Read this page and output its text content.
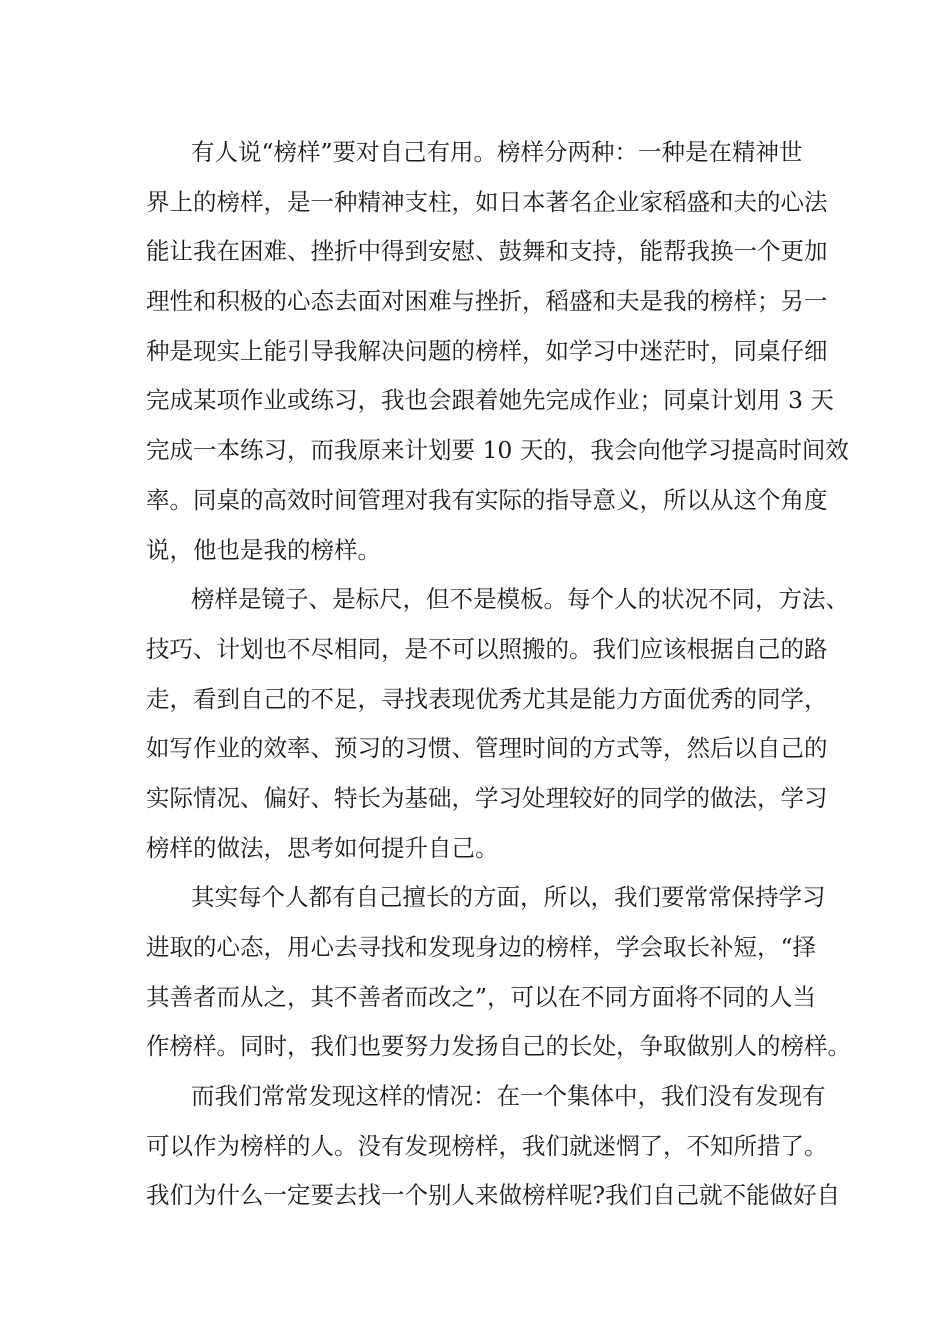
有人说“榜样”要对自己有用。榜样分两种：一种是在精神世
界上的榜样，是一种精神支柱，如日本著名企业家稻盛和夫的心法
能让我在困难、挫折中得到安慰、鼓舞和支持，能帮我换一个更加
理性和积极的心态去面对困难与挫折，稻盛和夫是我的榜样；另一
种是现实上能引导我解决问题的榜样，如学习中迷茫时，同桌仔细
完成某项作业或练习，我也会跟着她先完成作业；同桌计划用 3 天
完成一本练习，而我原来计划要 10 天的，我会向他学习提高时间效
率。同桌的高效时间管理对我有实际的指导意义，所以从这个角度
说，他也是我的榜样。
榜样是镜子、是标尺，但不是模板。每个人的状况不同，方法、
技巧、计划也不尽相同，是不可以照搬的。我们应该根据自己的路
走，看到自己的不足，寻找表现优秀尤其是能力方面优秀的同学，
如写作业的效率、预习的习惯、管理时间的方式等，然后以自己的
实际情况、偏好、特长为基础，学习处理较好的同学的做法，学习
榜样的做法，思考如何提升自己。
其实每个人都有自己擅长的方面，所以，我们要常常保持学习
进取的心态，用心去寻找和发现身边的榜样，学会取长补短，“择
其善者而从之，其不善者而改之”，可以在不同方面将不同的人当
作榜样。同时，我们也要努力发扬自己的长处，争取做别人的榜样。
而我们常常发现这样的情况：在一个集体中，我们没有发现有
可以作为榜样的人。没有发现榜样，我们就迷惘了，不知所措了。
我们为什么一定要去找一个别人来做榜样呢?我们自己就不能做好自
